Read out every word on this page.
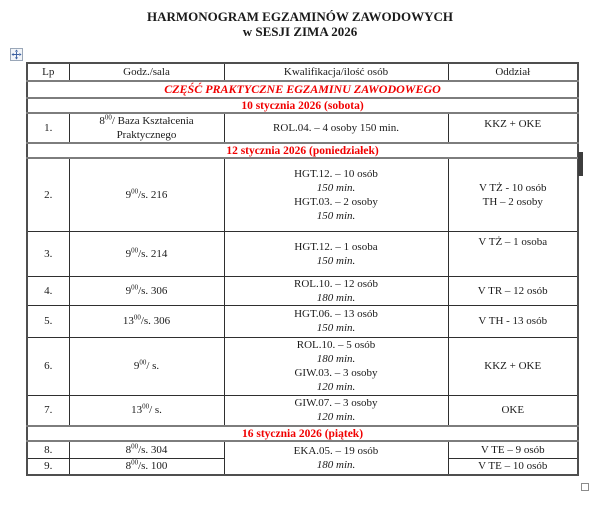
HARMONOGRAM EGZAMINÓW ZAWODOWYCH
w SESJI ZIMA 2026
Lp	Godz./sala	Kwalifikacja/ilość osób	Oddział
CZĘŚĆ PRAKTYCZNE EGZAMINU ZAWODOWEGO			
10 stycznia 2026 (sobota)			
1.	$8^{00}/$ Baza Kształcenia
Praktycznego	ROL.04. – 4 osoby 150 min.	KKZ + OKE

12 stycznia 2026 (poniedziałek)			
2.	$9^{00}/s$. 216	HGT.12. – 10 osób
150 min.
HGT.03. – 2 osoby
150 min.	V TŻ - 10 osób
TH – 2 osoby

3.	$9^{00}/s$. 214	HGT.12. – 1 osoba
150 min.	V TŻ – 1 osoba

4.	$9^{00}/s$. 306	ROL.10. – 12 osób
180 min.	V TR – 12 osób

5.	$13^{00}/s$. 306	HGT.06. – 13 osób
150 min.	V TH - 13 osób

6.	$9^{00}/$ s.	ROL.10. – 5 osób
180 min.
GIW.03. – 3 osoby
120 min.	KKZ + OKE

7.	$13^{00}/$ s.	GIW.07. – 3 osoby
120 min.	OKE

16 stycznia 2026 (piątek)			
8.	$8^{00}/s$. 304	EKA.05. – 19 osób
180 min.	V TE – 9 osób

9.	$8^{00}/s$. 100		V TE – 10 osób
